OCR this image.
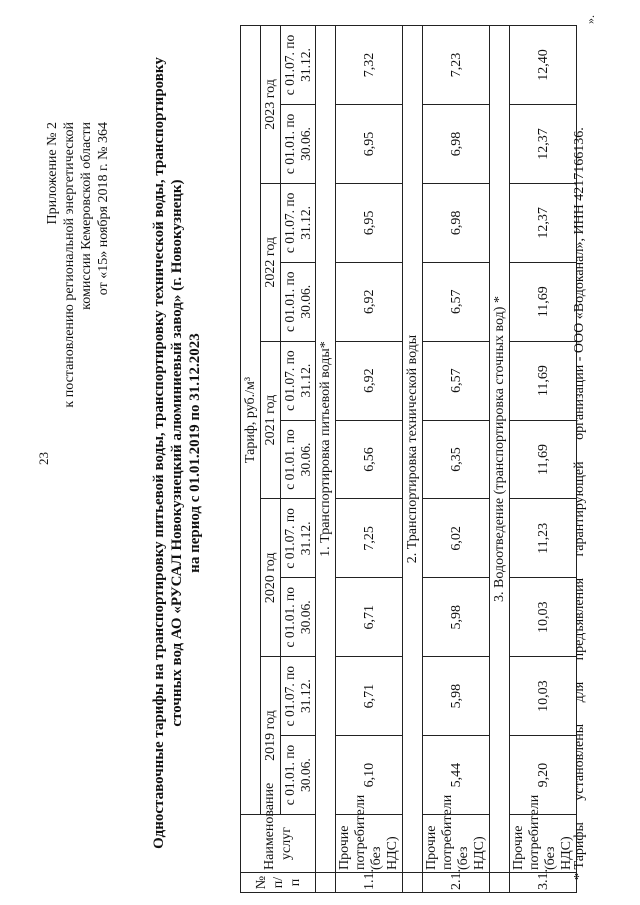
23
Приложение № 2 к постановлению региональной энергетической комиссии Кемеровской области от «15» ноября 2018 г. № 364	Одноставочные тарифы на транспортировку питьевой воды, транспортировку технической воды, транспортировку сточных вод АО «РУСАЛ Новокузнецкий алюминиевый завод» (г. Новокузнецк) на период с 01.01.2019 по 31.12.2023
№ п/п	Наименование услуг	Тариф, руб./м³									
		2019 год		2020 год		2021 год		2022 год		2023 год	
		с 01.01. по 30.06.	с 01.07. по 31.12.	с 01.01. по 30.06.	с 01.07. по 31.12.	с 01.01. по 30.06.	с 01.07. по 31.12.	с 01.01. по 30.06.	с 01.07. по 31.12.	с 01.01. по 30.06.	с 01.07. по 31.12.
	1. Транспортировка питьевой воды*										
1.1.	Прочие потребители (без НДС)	6,10	6,71	6,71	7,25	6,56	6,92	6,92	6,95	6,95	7,32
	2. Транспортировка технической воды										
2.1.	Прочие потребители (без НДС)	5,44	5,98	5,98	6,02	6,35	6,57	6,57	6,98	6,98	7,23
	3. Водоотведение (транспортировка сточных вод) *										
3.1.	Прочие потребители (без НДС)	9,20	10,03	10,03	11,23	11,69	11,69	11,69	12,37	12,37	12,40
* Тарифы установлены для предъявления гарантирующей организации - ООО «Водоканал», ИНН 4217166136.
».
